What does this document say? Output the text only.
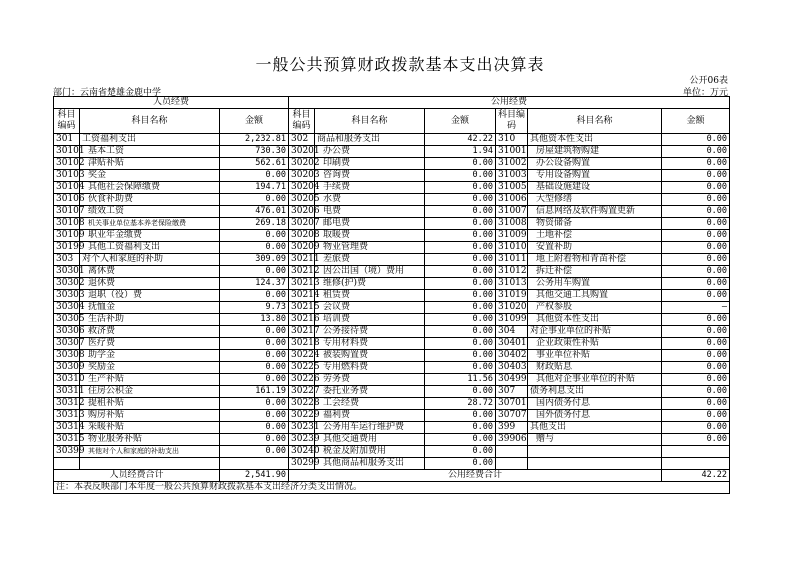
一般公共预算财政拨款基本支出决算表
公开06表
部门：云南省楚雄金鹿中学	单位：万元
人员经费			公用经费					
科目编码	科目名称	金额	科目编码	科目名称	金额	科目编码	科目名称	金额
301	工资福利支出	2,232.81	302	商品和服务支出	42.22	310	其他资本性支出	0.00
30101	基本工资	730.30	30201	办公费	1.94	31001	房屋建筑物购建	0.00
30102	津贴补贴	562.61	30202	印刷费	0.00	31002	办公设备购置	0.00
30103	奖金	0.00	30203	咨询费	0.00	31003	专用设备购置	0.00
30104	其他社会保障缴费	194.71	30204	手续费	0.00	31005	基础设施建设	0.00
30106	伙食补助费	0.00	30205	水费	0.00	31006	大型修缮	0.00
30107	绩效工资	476.01	30206	电费	0.00	31007	信息网络及软件购置更新	0.00
30108	机关事业单位基本养老保险缴费	269.18	30207	邮电费	0.00	31008	物资储备	0.00
30109	职业年金缴费	0.00	30208	取暖费	0.00	31009	土地补偿	0.00
30199	其他工资福利支出	0.00	30209	物业管理费	0.00	31010	安置补助	0.00
303	对个人和家庭的补助	309.09	30211	差旅费	0.00	31011	地上附着物和青苗补偿	0.00
30301	离休费	0.00	30212	因公出国（境）费用	0.00	31012	拆迁补偿	0.00
30302	退休费	124.37	30213	维修(护)费	0.00	31013	公务用车购置	0.00
30303	退职（役）费	0.00	30214	租赁费	0.00	31019	其他交通工具购置	0.00
30304	抚恤金	9.73	30215	会议费	0.00	31020	产权参股	—
30305	生活补助	13.80	30216	培训费	0.00	31099	其他资本性支出	0.00
30306	救济费	0.00	30217	公务接待费	0.00	304	对企事业单位的补贴	0.00
30307	医疗费	0.00	30218	专用材料费	0.00	30401	企业政策性补贴	0.00
30308	助学金	0.00	30224	被装购置费	0.00	30402	事业单位补贴	0.00
30309	奖励金	0.00	30225	专用燃料费	0.00	30403	财政贴息	0.00
30310	生产补贴	0.00	30226	劳务费	11.56	30499	其他对企事业单位的补贴	0.00
30311	住房公积金	161.19	30227	委托业务费	0.00	307	债务利息支出	0.00
30312	提租补贴	0.00	30228	工会经费	28.72	30701	国内债务付息	0.00
30313	购房补贴	0.00	30229	福利费	0.00	30707	国外债务付息	0.00
30314	采暖补贴	0.00	30231	公务用车运行维护费	0.00	399	其他支出	0.00
30315	物业服务补贴	0.00	30239	其他交通费用	0.00	39906	赠与	0.00
30399	其他对个人和家庭的补助支出	0.00	30240	税金及附加费用	0.00			
			30299	其他商品和服务支出	0.00			
人员经费合计		2,541.90	公用经费合计					42.22
注：本表反映部门本年度一般公共预算财政拨款基本支出经济分类支出情况。								
